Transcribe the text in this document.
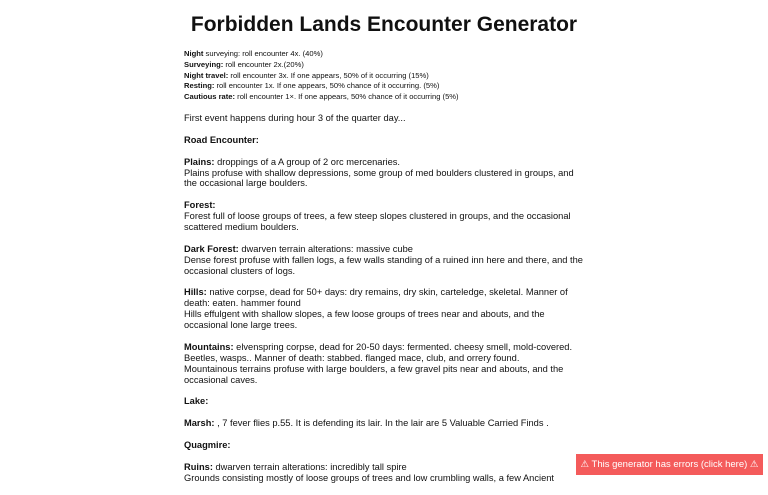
Forbidden Lands Encounter Generator
Night surveying: roll encounter 4x. (40%)
Surveying: roll encounter 2x.(20%)
Night travel: roll encounter 3x. If one appears, 50% of it occurring (15%)
Resting: roll encounter 1x. If one appears, 50% chance of it occurring. (5%)
Cautious rate: roll encounter 1×. If one appears, 50% chance of it occurring (5%)

First event happens during hour 3 of the quarter day...

Road Encounter:

Plains: droppings of a A group of 2 orc mercenaries.
Plains profuse with shallow depressions, some group of med boulders clustered in groups, and the occasional large boulders.

Forest:
Forest full of loose groups of trees, a few steep slopes clustered in groups, and the occasional scattered medium boulders.

Dark Forest: dwarven terrain alterations: massive cube
Dense forest profuse with fallen logs, a few walls standing of a ruined inn here and there, and the occasional clusters of logs.

Hills: native corpse, dead for 50+ days: dry remains, dry skin, carteledge, skeletal. Manner of death: eaten. hammer found
Hills effulgent with shallow slopes, a few loose groups of trees near and abouts, and the occasional lone large trees.

Mountains: elvenspring corpse, dead for 20-50 days: fermented. cheesy smell, mold-covered. Beetles, wasps.. Manner of death: stabbed. flanged mace, club, and orrery found.
Mountainous terrains profuse with large boulders, a few gravel pits near and abouts, and the occasional caves.

Lake:

Marsh: , 7 fever flies p.55. It is defending its lair. In the lair are 5 Valuable Carried Finds .

Quagmire:

Ruins: dwarven terrain alterations: incredibly tall spire
Grounds consisting mostly of loose groups of trees and low crumbling walls, a few Ancient

⚠ This generator has errors (click here) ⚠
